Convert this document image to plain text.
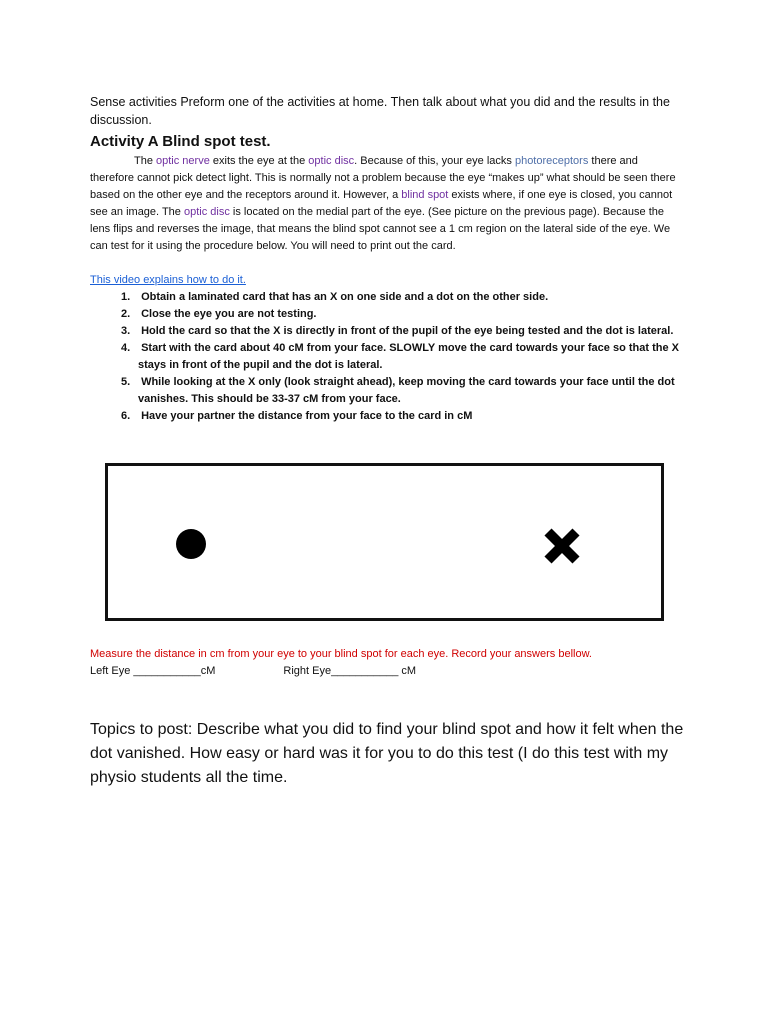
Sense activities Preform one of the activities at home. Then talk about what you did and the results in the discussion.

Activity A Blind spot test.

The optic nerve exits the eye at the optic disc. Because of this, your eye lacks photoreceptors there and therefore cannot pick detect light. This is normally not a problem because the eye “makes up” what should be seen there based on the other eye and the receptors around it. However, a blind spot exists where, if one eye is closed, you cannot see an image. The optic disc is located on the medial part of the eye. (See picture on the previous page). Because the lens flips and reverses the image, that means the blind spot cannot see a 1 cm region on the lateral side of the eye. We can test for it using the procedure below. You will need to print out the card.

This video explains how to do it.
1. Obtain a laminated card that has an X on one side and a dot on the other side.
2. Close the eye you are not testing.
3. Hold the card so that the X is directly in front of the pupil of the eye being tested and the dot is lateral.
4. Start with the card about 40 cM from your face. SLOWLY move the card towards your face so that the X stays in front of the pupil and the dot is lateral.
5. While looking at the X only (look straight ahead), keep moving the card towards your face until the dot vanishes. This should be 33-37 cM from your face.
6. Have your partner the distance from your face to the card in cM

Measure the distance in cm from your eye to your blind spot for each eye. Record your answers bellow.

Left Eye ___________cM	Right Eye___________ cM

Topics to post: Describe what you did to find your blind spot and how it felt when the dot vanished. How easy or hard was it for you to do this test (I do this test with my physio students all the time.
